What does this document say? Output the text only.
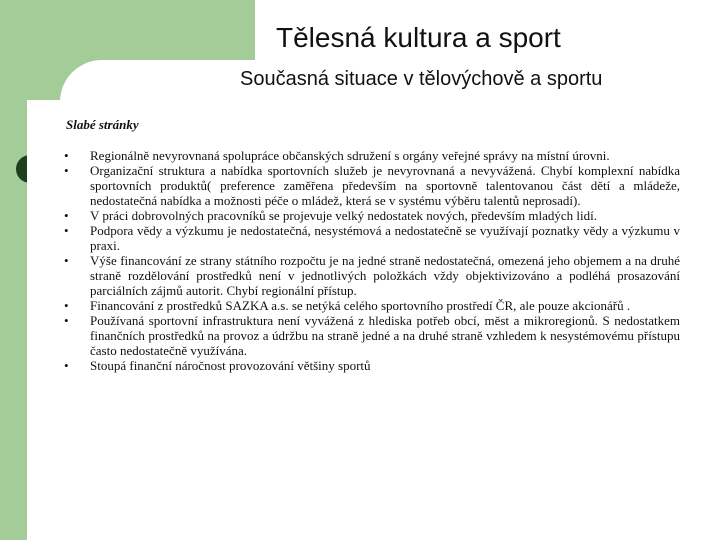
Tělesná kultura a sport
Současná situace v tělovýchově a sportu

Slabé stránky

• Regionálně nevyrovnaná spolupráce občanských sdružení s orgány veřejné správy na místní úrovni.
• Organizační struktura a nabídka sportovních služeb je nevyrovnaná a nevyvážená. Chybí komplexní nabídka sportovních produktů( preference zaměřena především na sportovně talentovanou část dětí a mládeže, nedostatečná nabídka a možnosti péče o mládež, která se v systému výběru talentů neprosadí).
• V práci dobrovolných pracovníků se projevuje velký nedostatek nových, především mladých lidí.
• Podpora vědy a výzkumu je nedostatečná, nesystémová a nedostatečně se využívají poznatky vědy a výzkumu v praxi.
• Výše financování ze strany státního rozpočtu je na jedné straně nedostatečná, omezená jeho objemem a na druhé straně rozdělování prostředků není v jednotlivých položkách vždy objektivizováno a podléhá prosazování parciálních zájmů autorit. Chybí regionální přístup.
• Financování z prostředků SAZKA a.s. se netýká celého sportovního prostředí ČR, ale pouze akcionářů .
• Používaná sportovní infrastruktura není vyvážená z hlediska potřeb obcí, měst a mikroregionů. S nedostatkem finančních prostředků na provoz a údržbu na straně jedné a na druhé straně vzhledem k nesystémovému přístupu často nedostatečně využívána.
• Stoupá finanční náročnost provozování většiny sportů
